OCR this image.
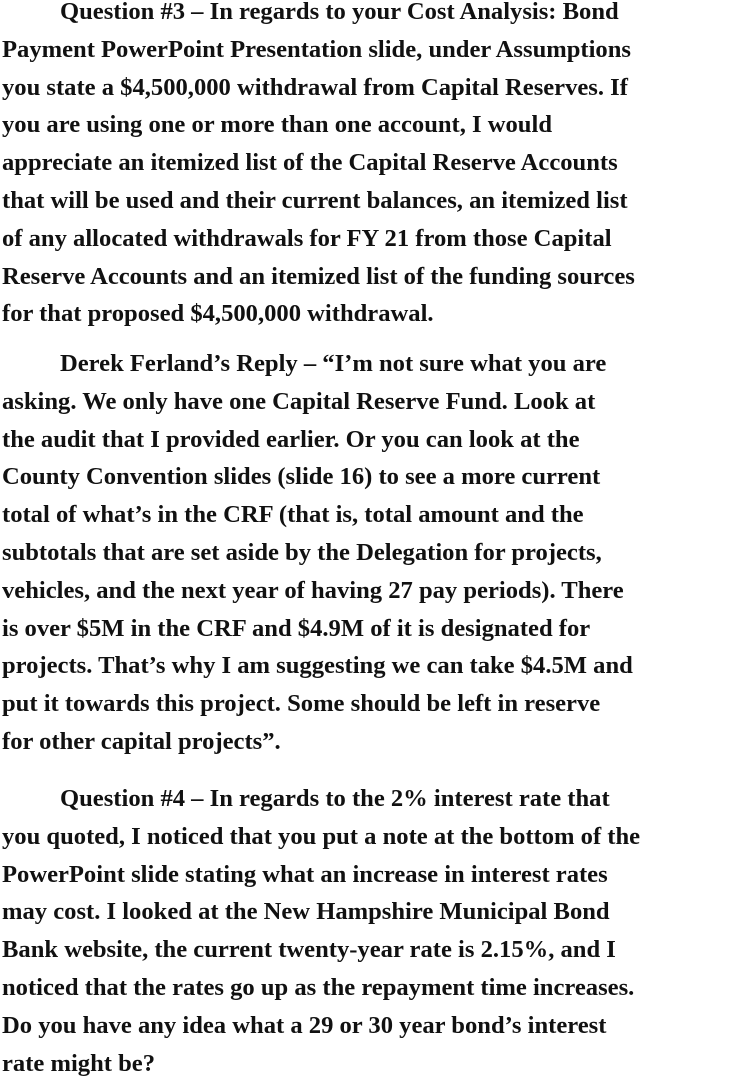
Question #3 – In regards to your Cost Analysis: Bond
Payment PowerPoint Presentation slide, under Assumptions
you state a $4,500,000 withdrawal from Capital Reserves. If
you are using one or more than one account, I would
appreciate an itemized list of the Capital Reserve Accounts
that will be used and their current balances, an itemized list
of any allocated withdrawals for FY 21 from those Capital
Reserve Accounts and an itemized list of the funding sources
for that proposed $4,500,000 withdrawal.

Derek Ferland’s Reply – “I’m not sure what you are
asking. We only have one Capital Reserve Fund. Look at
the audit that I provided earlier. Or you can look at the
County Convention slides (slide 16) to see a more current
total of what’s in the CRF (that is, total amount and the
subtotals that are set aside by the Delegation for projects,
vehicles, and the next year of having 27 pay periods). There
is over $5M in the CRF and $4.9M of it is designated for
projects. That’s why I am suggesting we can take $4.5M and
put it towards this project. Some should be left in reserve
for other capital projects”.

Question #4 – In regards to the 2% interest rate that
you quoted, I noticed that you put a note at the bottom of the
PowerPoint slide stating what an increase in interest rates
may cost. I looked at the New Hampshire Municipal Bond
Bank website, the current twenty-year rate is 2.15%, and I
noticed that the rates go up as the repayment time increases.
Do you have any idea what a 29 or 30 year bond’s interest
rate might be?
